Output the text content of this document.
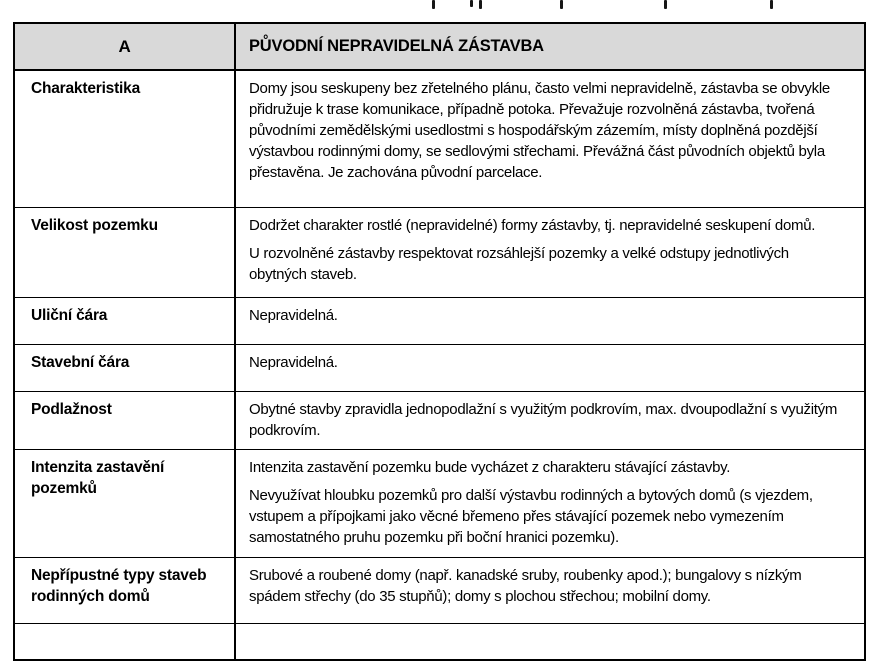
A	PŮVODNÍ NEPRAVIDELNÁ ZÁSTAVBA
Charakteristika	Domy jsou seskupeny bez zřetelného plánu, často velmi nepravidelně, zástavba se obvykle přidružuje k trase komunikace, případně potoka. Převažuje rozvolněná zástavba, tvořená původními zemědělskými usedlostmi s hospodářským zázemím, místy doplněná pozdější výstavbou rodinnými domy, se sedlovými střechami. Převážná část původních objektů byla přestavěna. Je zachována původní parcelace.

Velikost pozemku	Dodržet charakter rostlé (nepravidelné) formy zástavby, tj. nepravidelné seskupení domů.

U rozvolněné zástavby respektovat rozsáhlejší pozemky a velké odstupy jednotlivých obytných staveb.

Uliční čára	Nepravidelná.

Stavební čára	Nepravidelná.

Podlažnost	Obytné stavby zpravidla jednopodlažní s využitým podkrovím, max. dvoupodlažní s využitým podkrovím.

Intenzita zastavění pozemků	Intenzita zastavění pozemku bude vycházet z charakteru stávající zástavby.

Nevyužívat hloubku pozemků pro další výstavbu rodinných a bytových domů (s vjezdem, vstupem a přípojkami jako věcné břemeno přes stávající pozemek nebo vymezením samostatného pruhu pozemku při boční hranici pozemku).

Nepřípustné typy staveb rodinných domů	Srubové a roubené domy (např. kanadské sruby, roubenky apod.); bungalovy s nízkým spádem střechy (do 35 stupňů); domy s plochou střechou; mobilní domy.
